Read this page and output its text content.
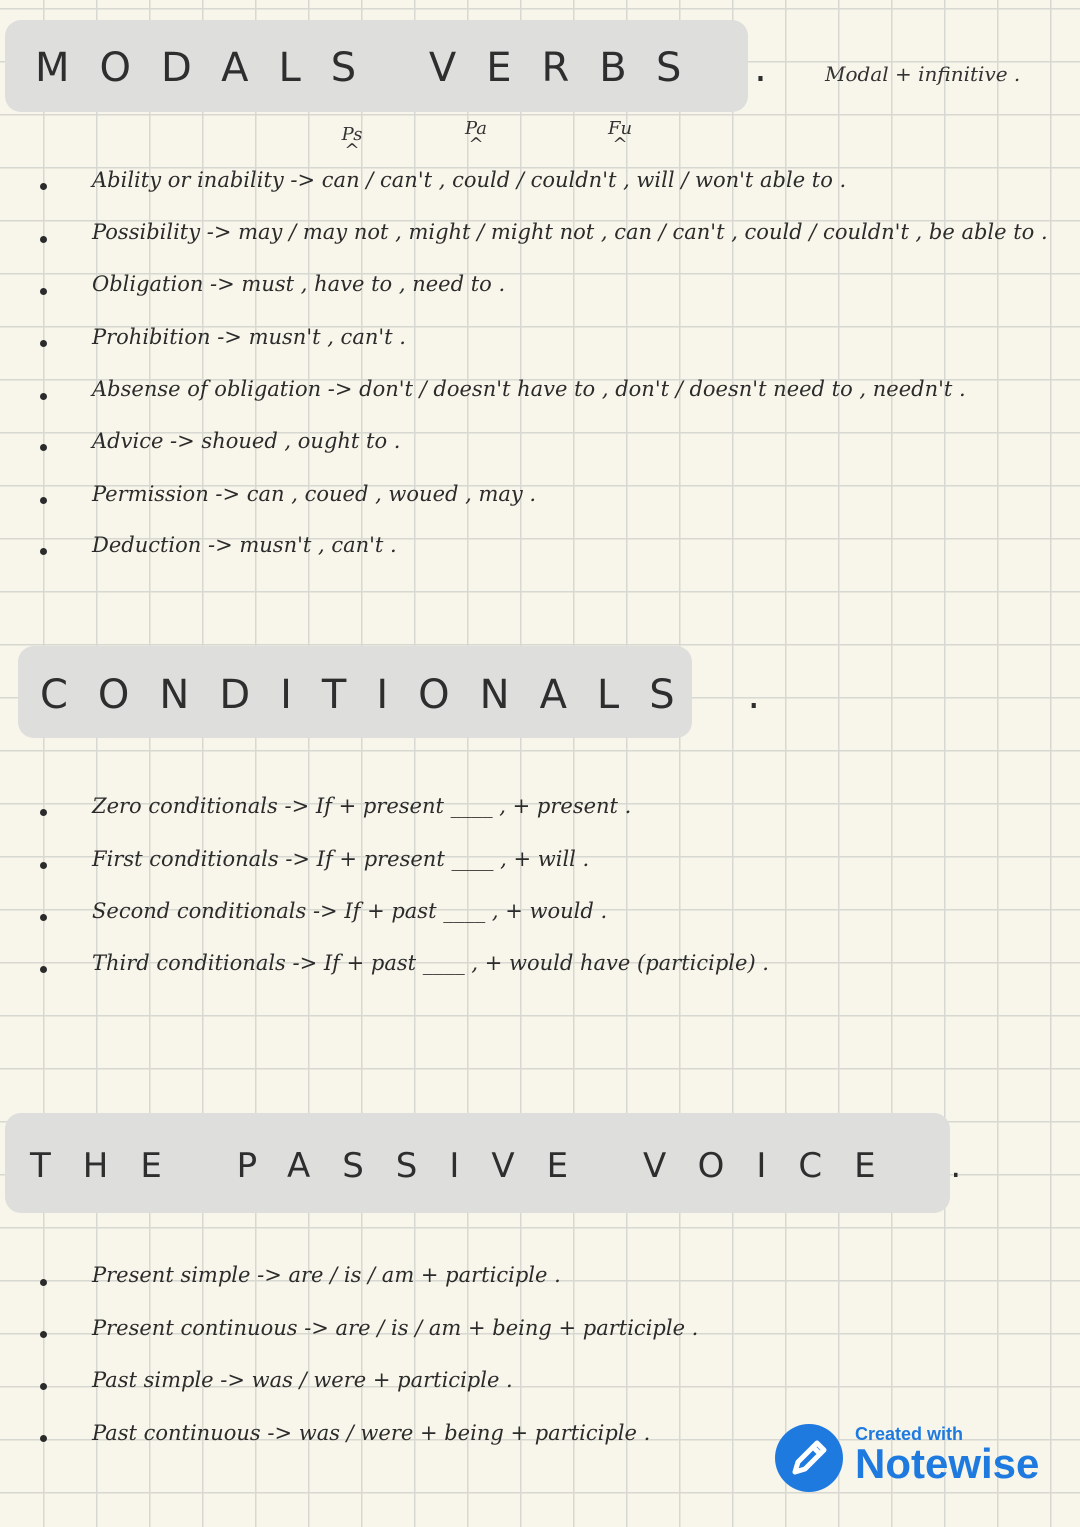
MODALS VERBS . Modal + infinitive .
Ps
^
Pa
^
Fu
^
Ability or inability -> can / can't , could / couldn't , will / won't able to .
Possibility -> may / may not , might / might not , can / can't , could / couldn't , be able to .
Obligation -> must , have to , need to .
Prohibition -> musn't , can't .
Absense of obligation -> don't / doesn't have to , don't / doesn't need to , needn't .
Advice -> shoued , ought to .
Permission -> can , coued , woued , may .
Deduction -> musn't , can't .
CONDITIONALS .
Zero conditionals -> If + present ____ , + present .
First conditionals -> If + present ____ , + will .
Second conditionals -> If + past ____ , + would .
Third conditionals -> If + past ____ , + would have (participle) .
THE PASSIVE VOICE .
Present simple -> are / is / am + participle .
Present continuous -> are / is / am + being + participle .
Past simple -> was / were + participle .
Past continuous -> was / were + being + participle .	Created with
Notewise
